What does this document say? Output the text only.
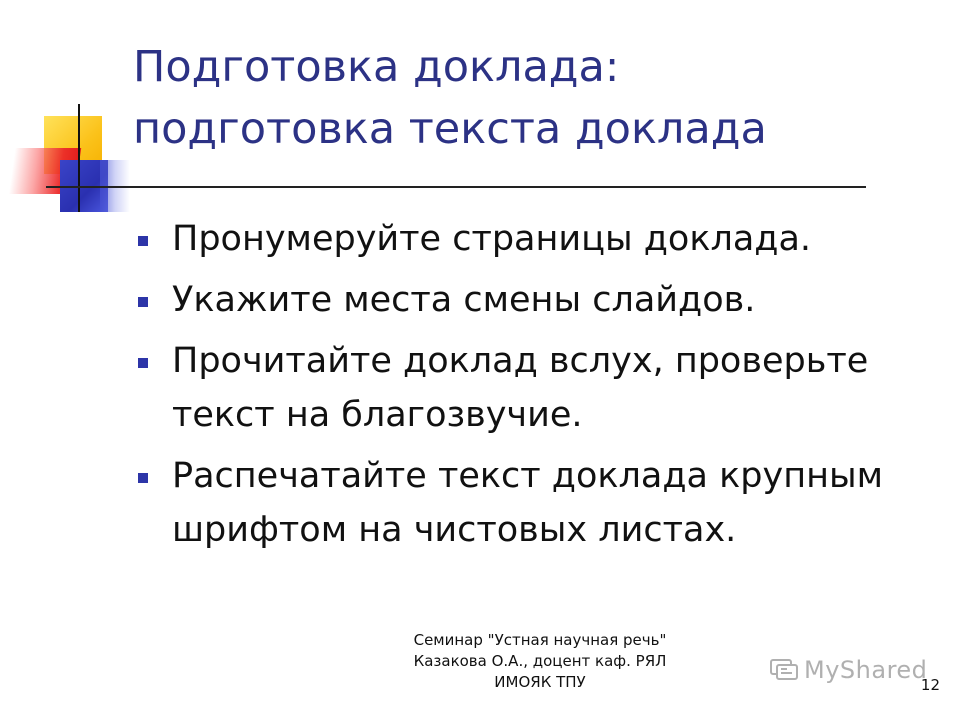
Подготовка доклада:
подготовка текста доклада
Пронумеруйте страницы доклада.
Укажите места смены слайдов.
Прочитайте доклад вслух, проверьте
текст на благозвучие.
Распечатайте текст доклада крупным
шрифтом на чистовых листах.
Семинар "Устная научная речь"
Казакова О.А., доцент каф. РЯЛ
ИМОЯК ТПУ	MyShared
12
